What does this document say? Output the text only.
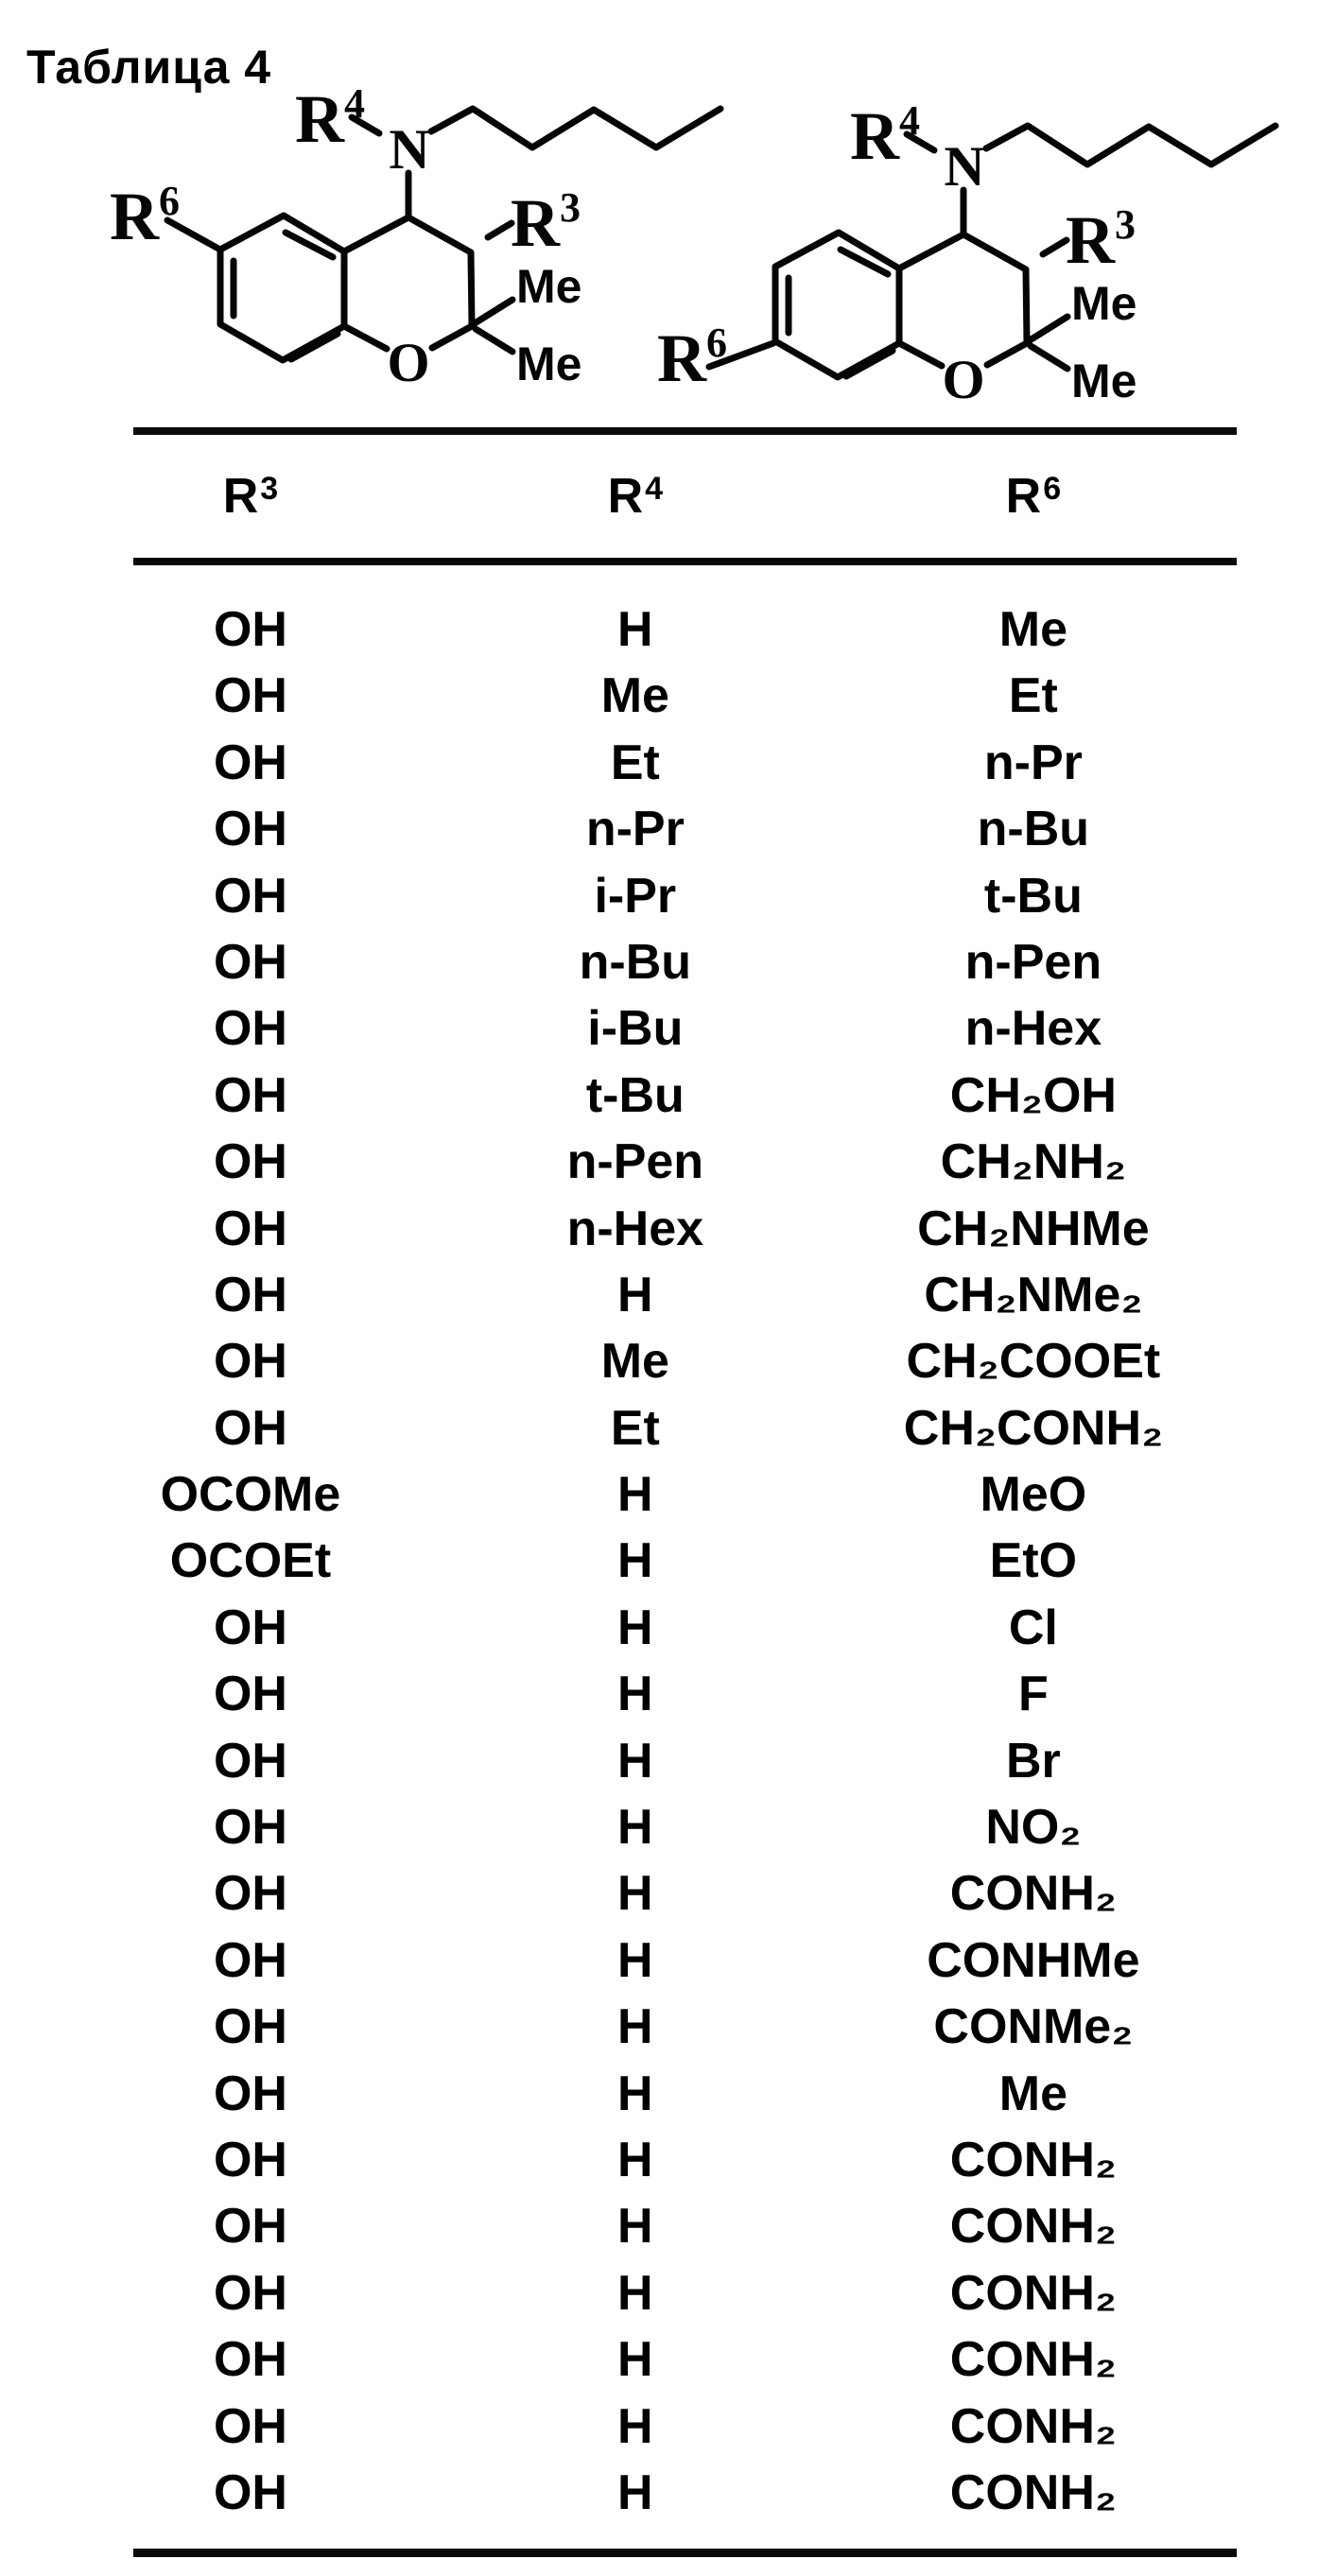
Таблица 4
$R^4$
N
$R^3$
$R^6$
Me
Me
O
$R^4$
N
$R^3$
$R^6$
Me
Me
O
$R^3$	$R^4$	$R^6$
OH	H	Me
OH	Me	Et
OH	Et	n-Pr
OH	n-Pr	n-Bu
OH	i-Pr	t-Bu
OH	n-Bu	n-Pen
OH	i-Bu	n-Hex
OH	t-Bu	CH₂OH
OH	n-Pen	CH₂NH₂
OH	n-Hex	CH₂NHMe
OH	H	CH₂NMe₂
OH	Me	CH₂COOEt
OH	Et	CH₂CONH₂
OCOMe	H	MeO
OCOEt	H	EtO
OH	H	Cl
OH	H	F
OH	H	Br
OH	H	NO₂
OH	H	CONH₂
OH	H	CONHMe
OH	H	CONMe₂
OH	H	Me
OH	H	CONH₂
OH	H	CONH₂
OH	H	CONH₂
OH	H	CONH₂
OH	H	CONH₂
OH	H	CONH₂
